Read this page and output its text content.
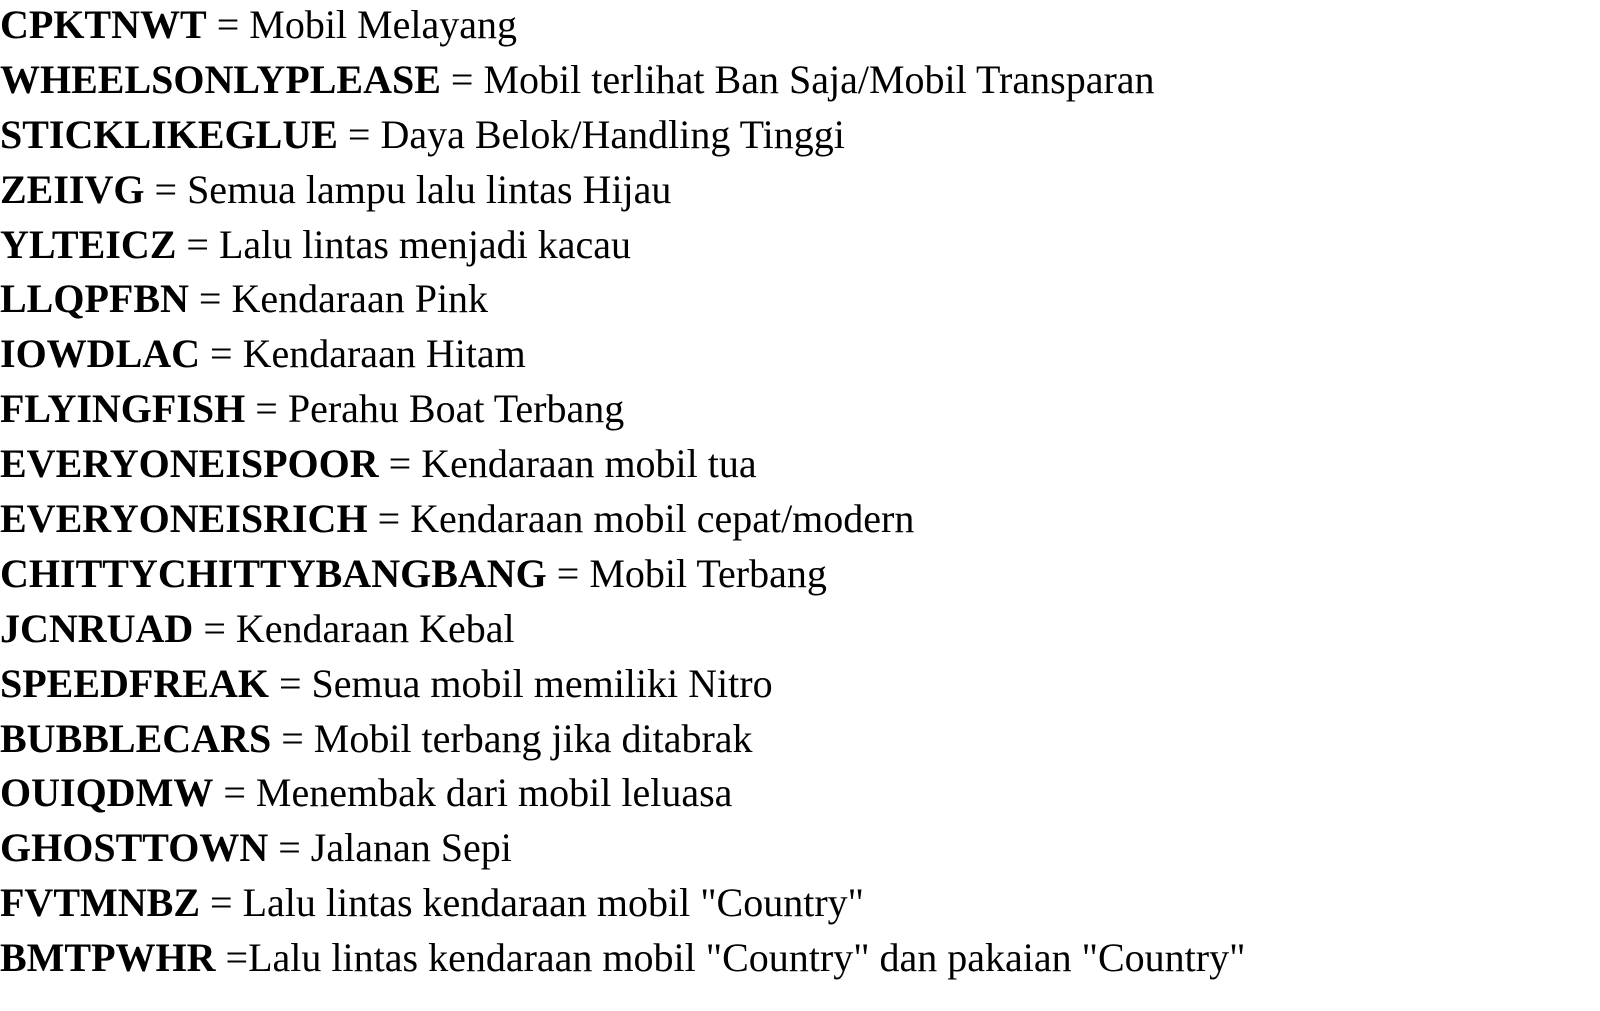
CPKTNWT = Mobil Melayang
WHEELSONLYPLEASE = Mobil terlihat Ban Saja/Mobil Transparan
STICKLIKEGLUE = Daya Belok/Handling Tinggi
ZEIIVG = Semua lampu lalu lintas Hijau
YLTEICZ = Lalu lintas menjadi kacau
LLQPFBN = Kendaraan Pink
IOWDLAC = Kendaraan Hitam
FLYINGFISH = Perahu Boat Terbang
EVERYONEISPOOR = Kendaraan mobil tua
EVERYONEISRICH = Kendaraan mobil cepat/modern
CHITTYCHITTYBANGBANG = Mobil Terbang
JCNRUAD = Kendaraan Kebal
SPEEDFREAK = Semua mobil memiliki Nitro
BUBBLECARS = Mobil terbang jika ditabrak
OUIQDMW = Menembak dari mobil leluasa
GHOSTTOWN = Jalanan Sepi
FVTMNBZ = Lalu lintas kendaraan mobil "Country"
BMTPWHR =Lalu lintas kendaraan mobil "Country" dan pakaian "Country"
